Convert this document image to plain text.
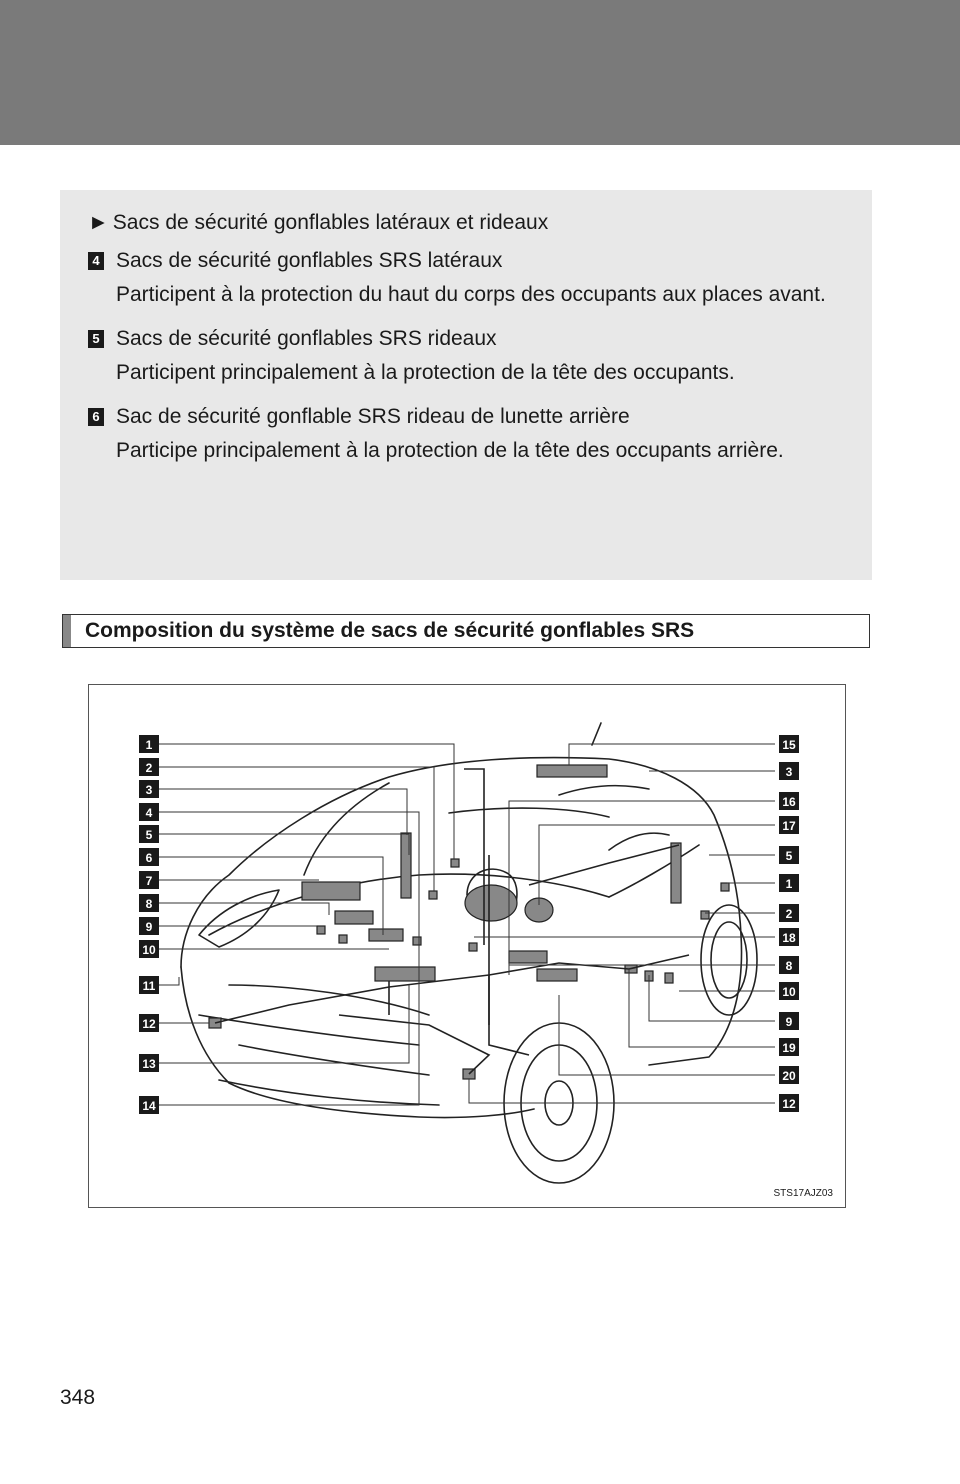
► Sacs de sécurité gonflables latéraux et rideaux

4 Sacs de sécurité gonflables SRS latéraux

Participent à la protection du haut du corps des occupants aux places avant.

5 Sacs de sécurité gonflables SRS rideaux

Participent principalement à la protection de la tête des occupants.

6 Sac de sécurité gonflable SRS rideau de lunette arrière

Participe principalement à la protection de la tête des occupants arrière.

Composition du système de sacs de sécurité gonflables SRS
1
2
3
4
5
6
7
8
9
10
11
12
13
14
15
3
16
17
5
1
2
18
8
10
9
19
20
12
STS17AJZ03
348
